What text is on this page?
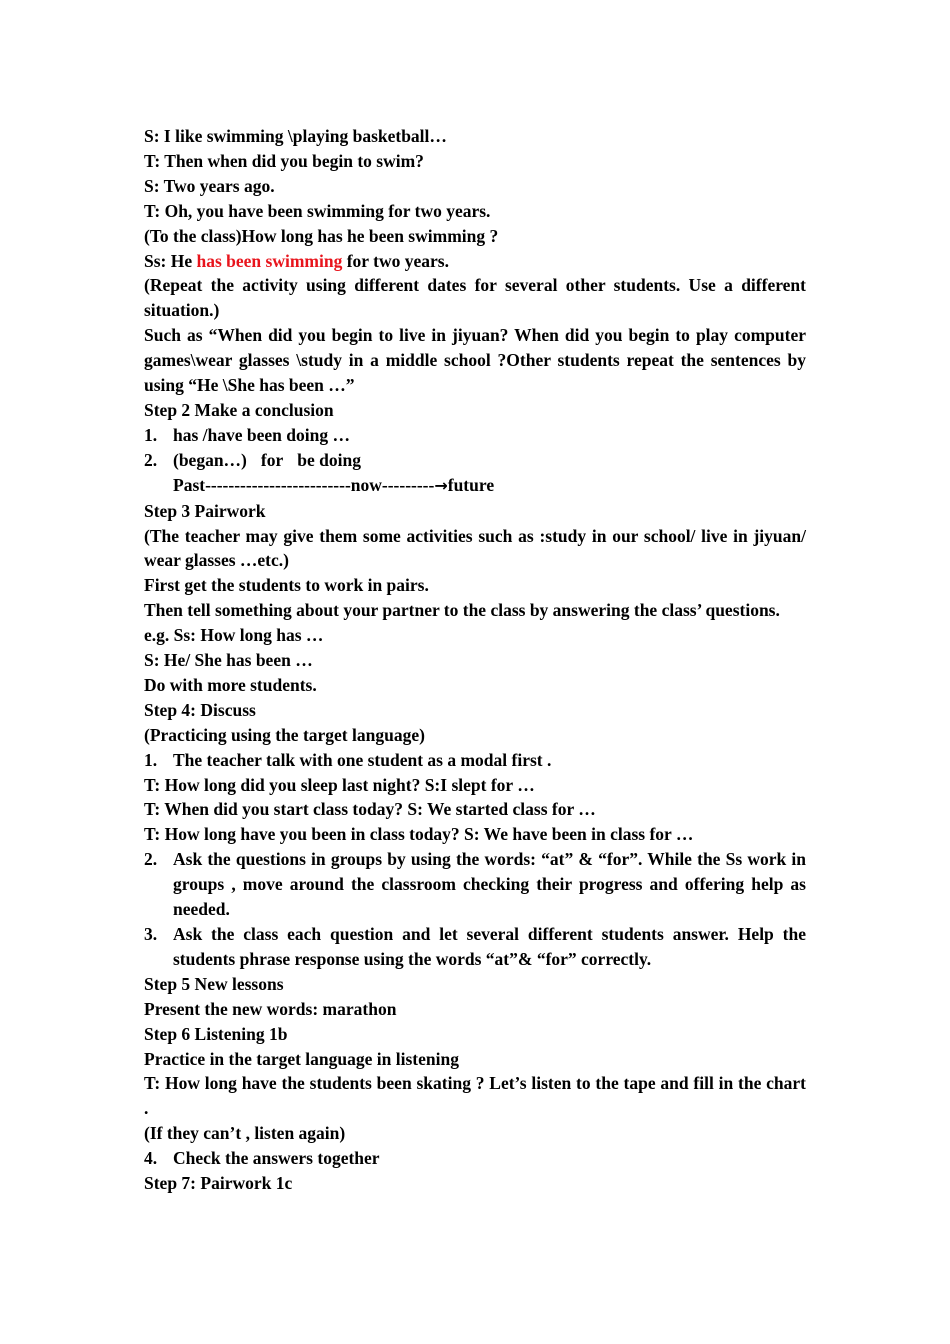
S: I like swimming \playing basketball…

T: Then when did you begin to swim?

S: Two years ago.

T: Oh, you have been swimming for two years.

(To the class)How long has he been swimming ?

Ss: He has been swimming for two years.

(Repeat the activity using different dates for several other students. Use a different situation.)

Such as “When did you begin to live in jiyuan? When did you begin to play computer games\wear glasses \study in a middle school ?Other students repeat the sentences by using “He \She has been …”

Step 2 Make a conclusion

1. has /have been doing …

2. (began…) for be doing

Past-------------------------now---------→future

Step 3 Pairwork

(The teacher may give them some activities such as :study in our school/ live in jiyuan/ wear glasses …etc.)

First get the students to work in pairs.

Then tell something about your partner to the class by answering the class’ questions.

e.g. Ss: How long has …

S: He/ She has been …

Do with more students.

Step 4: Discuss

(Practicing using the target language)

1. The teacher talk with one student as a modal first .

T: How long did you sleep last night? S:I slept for …

T: When did you start class today? S: We started class for …

T: How long have you been in class today? S: We have been in class for …

2. Ask the questions in groups by using the words: “at” & “for”. While the Ss work in groups , move around the classroom checking their progress and offering help as needed.

3. Ask the class each question and let several different students answer. Help the students phrase response using the words “at”& “for” correctly.

Step 5 New lessons

Present the new words: marathon

Step 6 Listening 1b

Practice in the target language in listening

T: How long have the students been skating ? Let’s listen to the tape and fill in the chart .

(If they can’t , listen again)

4. Check the answers together

Step 7: Pairwork 1c
